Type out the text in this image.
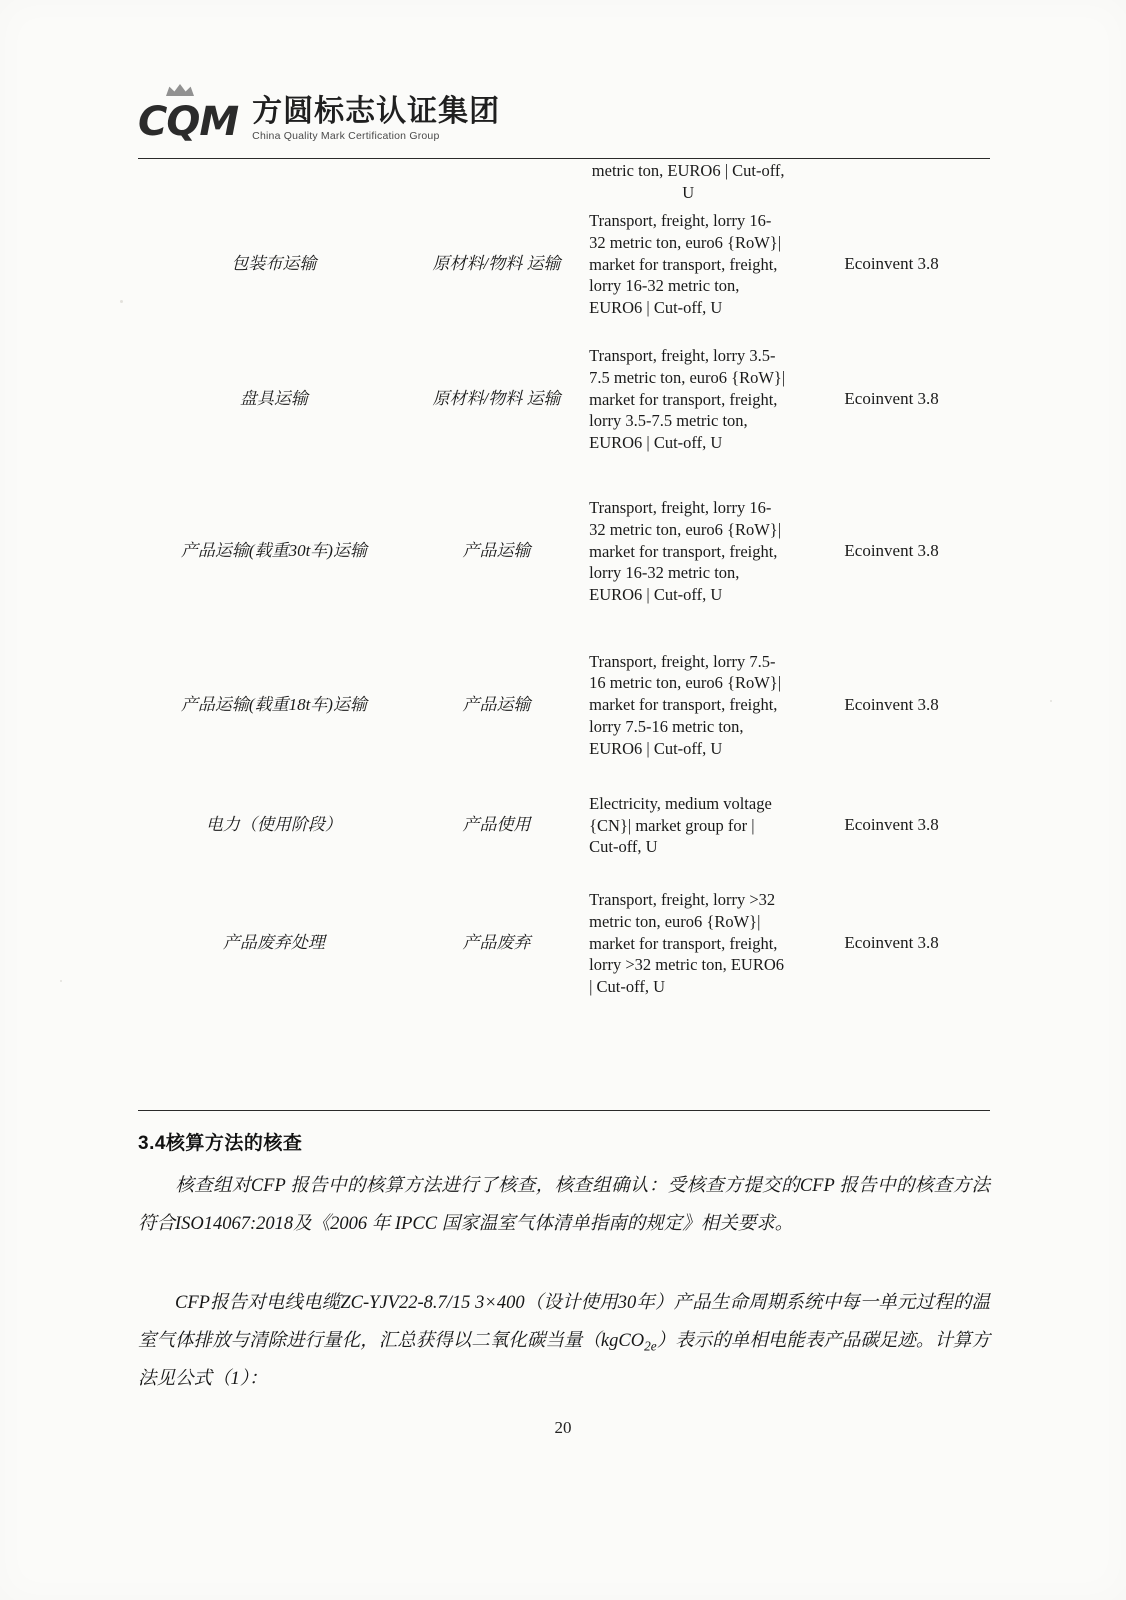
CQM 方圆标志认证集团
China Quality Mark Certification Group
		metric ton, EURO6 | Cut-off, U	
包装布运输	原材料/物料 运输	Transport, freight, lorry 16-32 metric ton, euro6 {RoW}| market for transport, freight, lorry 16-32 metric ton, EURO6 | Cut-off, U	Ecoinvent 3.8
盘具运输	原材料/物料 运输	Transport, freight, lorry 3.5-7.5 metric ton, euro6 {RoW}| market for transport, freight, lorry 3.5-7.5 metric ton, EURO6 | Cut-off, U	Ecoinvent 3.8
产品运输(载重30t车)运输	产品运输	Transport, freight, lorry 16-32 metric ton, euro6 {RoW}| market for transport, freight, lorry 16-32 metric ton, EURO6 | Cut-off, U	Ecoinvent 3.8
产品运输(载重18t车)运输	产品运输	Transport, freight, lorry 7.5-16 metric ton, euro6 {RoW}| market for transport, freight, lorry 7.5-16 metric ton, EURO6 | Cut-off, U	Ecoinvent 3.8
电力（使用阶段）	产品使用	Electricity, medium voltage {CN}| market group for | Cut-off, U	Ecoinvent 3.8
产品废弃处理	产品废弃	Transport, freight, lorry >32 metric ton, euro6 {RoW}| market for transport, freight, lorry >32 metric ton, EURO6 | Cut-off, U	Ecoinvent 3.8
3.4核算方法的核查
核查组对CFP 报告中的核算方法进行了核查，核查组确认：受核查方提交的CFP 报告中的核查方法符合ISO14067:2018及《2006 年 IPCC 国家温室气体清单指南的规定》相关要求。
CFP报告对电线电缆ZC-YJV22-8.7/15 3×400（设计使用30年）产品生命周期系统中每一单元过程的温室气体排放与清除进行量化，汇总获得以二氧化碳当量（kgCO$_{2e}$）表示的单相电能表产品碳足迹。计算方法见公式（1）：
20
